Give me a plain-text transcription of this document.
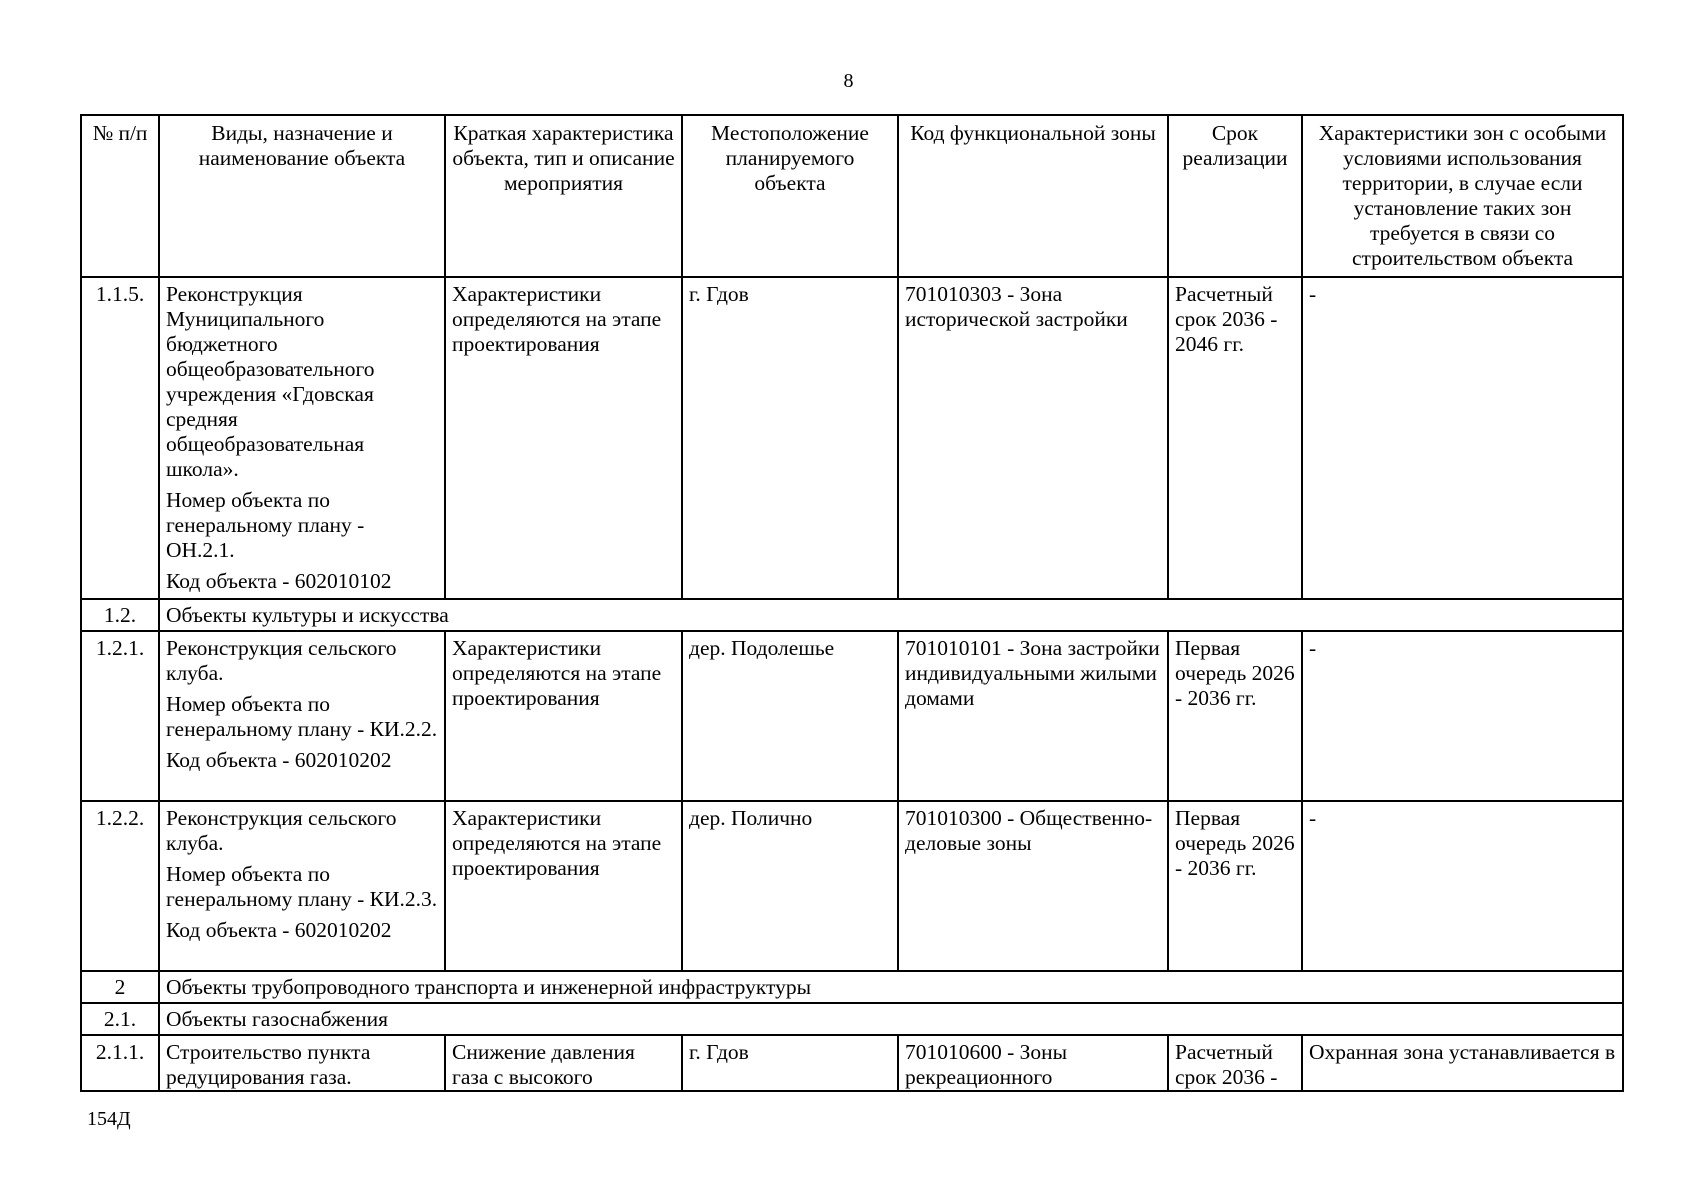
8
№ п/п	Виды, назначение и наименование объекта	Краткая характеристика объекта, тип и описание мероприятия	Местоположение планируемого объекта	Код функциональной зоны	Срок реализации	Характеристики зон с особыми условиями использования территории, в случае если установление таких зон требуется в связи со строительством объекта
1.1.5.	Реконструкция Муниципального бюджетного общеобразовательного учреждения «Гдовская средняя общеобразовательная школа».

Номер объекта по генеральному плану - ОН.2.1.

Код объекта - 602010102	Характеристики определяются на этапе проектирования	г. Гдов	701010303 - Зона исторической застройки	Расчетный срок 2036 - 2046 гг.	-
1.2.	Объекты культуры и искусства					
1.2.1.	Реконструкция сельского клуба.

Номер объекта по генеральному плану - КИ.2.2.

Код объекта - 602010202	Характеристики определяются на этапе проектирования	дер. Подолешье	701010101 - Зона застройки индивидуальными жилыми домами	Первая очередь 2026 - 2036 гг.	-
1.2.2.	Реконструкция сельского клуба.

Номер объекта по генеральному плану - КИ.2.3.

Код объекта - 602010202	Характеристики определяются на этапе проектирования	дер. Полично	701010300 - Общественно-деловые зоны	Первая очередь 2026 - 2036 гг.	-
2	Объекты трубопроводного транспорта и инженерной инфраструктуры					
2.1.	Объекты газоснабжения					
2.1.1.	Строительство пункта редуцирования газа.	Снижение давления газа с высокого	г. Гдов	701010600 - Зоны рекреационного	Расчетный срок 2036 -	Охранная зона устанавливается в
154Д
